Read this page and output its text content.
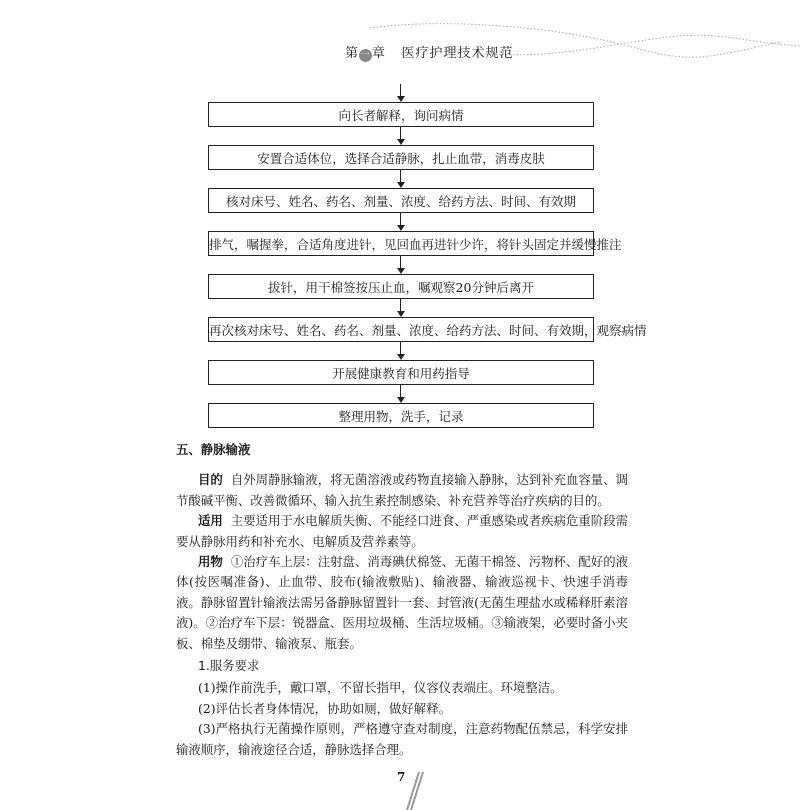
第一章 医疗护理技术规范
向长者解释，询问病情
安置合适体位，选择合适静脉，扎止血带，消毒皮肤
核对床号、姓名、药名、剂量、浓度、给药方法、时间、有效期
排气，嘱握拳，合适角度进针，见回血再进针少许，将针头固定并缓慢推注
拔针，用干棉签按压止血，嘱观察20分钟后离开
再次核对床号、姓名、药名、剂量、浓度、给药方法、时间、有效期，观察病情
开展健康教育和用药指导
整理用物，洗手，记录

五、静脉输液

目的 自外周静脉输液，将无菌溶液或药物直接输入静脉，达到补充血容量、调节酸碱平衡、改善微循环、输入抗生素控制感染、补充营养等治疗疾病的目的。

适用 主要适用于水电解质失衡、不能经口进食、严重感染或者疾病危重阶段需要从静脉用药和补充水、电解质及营养素等。

用物 ①治疗车上层：注射盘、消毒碘伏棉签、无菌干棉签、污物杯、配好的液体(按医嘱准备)、止血带、胶布(输液敷贴)、输液器、输液巡视卡、快速手消毒液。静脉留置针输液法需另备静脉留置针一套、封管液(无菌生理盐水或稀释肝素溶液)。②治疗车下层：锐器盒、医用垃圾桶、生活垃圾桶。③输液架，必要时备小夹板、棉垫及绷带、输液泵、瓶套。

1.服务要求

(1)操作前洗手，戴口罩，不留长指甲，仪容仪表端庄。环境整洁。

(2)评估长者身体情况，协助如厕，做好解释。

(3)严格执行无菌操作原则，严格遵守查对制度，注意药物配伍禁忌，科学安排输液顺序，输液途径合适，静脉选择合理。

7
